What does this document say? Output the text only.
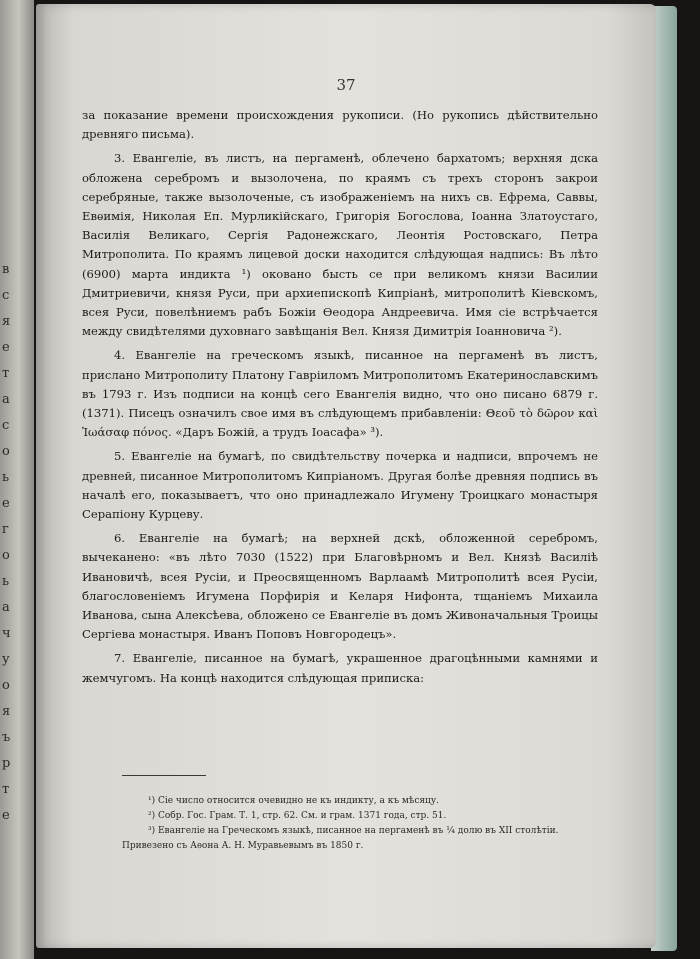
в
с
я
е
т
а
с
о
ь
е
г
о
ь
а
ч
у
о
я
ъ
р
т
е
37

за показание времени происхождения рукописи. (Но рукопись дѣйствительно древняго письма).

3. Евангеліе, въ листъ, на пергаменѣ, облечено бархатомъ; верхняя дска обложена серебромъ и вызолочена, по краямъ съ трехъ сторонъ закрои серебряные, также вызолоченые, съ изображеніемъ на нихъ св. Ефрема, Саввы, Евѳимія, Николая Еп. Мурликійскаго, Григорія Богослова, Іоанна Златоустаго, Василія Великаго, Сергія Радонежскаго, Леонтія Ростовскаго, Петра Митрополита. По краямъ лицевой доски находится слѣдующая надпись: Въ лѣто (6900) марта индикта ¹) оковано бысть се при великомъ князи Василии Дмитриевичи, князя Руси, при архиепископѣ Кипріанѣ, митрополитѣ Кіевскомъ, всея Руси, повелѣниемъ рабъ Божіи Ѳеодора Андреевича. Имя сіе встрѣчается между свидѣтелями духовнаго завѣщанія Вел. Князя Димитрія Іоанновича ²).

4. Евангеліе на греческомъ языкѣ, писанное на пергаменѣ въ листъ, прислано Митрополиту Платону Гавріиломъ Митрополитомъ Екатеринославскимъ въ 1793 г. Изъ подписи на концѣ сего Евангелія видно, что оно писано 6879 г. (1371). Писецъ означилъ свое имя въ слѣдующемъ прибавленіи: Θεοῦ τὸ δῶρον καὶ Ἰωάσαφ πόνος. «Даръ Божій, а трудъ Іоасафа» ³).

5. Евангеліе на бумагѣ, по свидѣтельству почерка и надписи, впрочемъ не древней, писанное Митрополитомъ Кипріаномъ. Другая болѣе древняя подпись въ началѣ его, показываетъ, что оно принадлежало Игумену Троицкаго монастыря Серапіону Курцеву.

6. Евангеліе на бумагѣ; на верхней дскѣ, обложенной серебромъ, вычеканено: «въ лѣто 7030 (1522) при Благовѣрномъ и Вел. Князѣ Василіѣ Ивановичѣ, всея Русіи, и Преосвященномъ Варлаамѣ Митрополитѣ всея Русіи, благословеніемъ Игумена Порфирія и Келаря Нифонта, тщаніемъ Михаила Иванова, сына Алексѣева, обложено се Евангеліе въ домъ Живоначальныя Троицы Сергіева монастыря. Иванъ Поповъ Новгородецъ».

7. Евангеліе, писанное на бумагѣ, украшенное драгоцѣнными камнями и жемчугомъ. На концѣ находится слѣдующая приписка:

¹) Сіе число относится очевидно не къ индикту, а къ мѣсяцу.

²) Собр. Гос. Грам. Т. 1, стр. 62. См. и грам. 1371 года, стр. 51.

³) Евангеліе на Греческомъ языкѣ, писанное на пергаменѣ въ ¼ долю въ XII столѣтіи. Привезено съ Аѳона А. Н. Муравьевымъ въ 1850 г.
